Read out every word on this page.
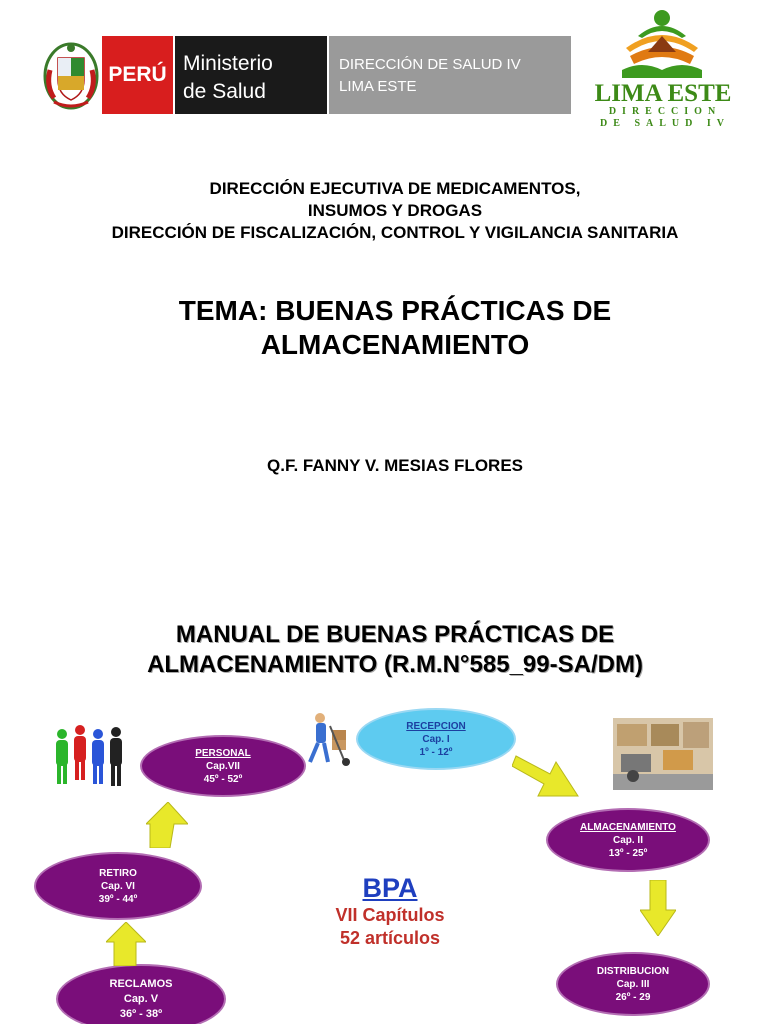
PERÚ Ministerio
de Salud
DIRECCIÓN DE SALUD IV
LIMA ESTE	LIMA ESTE
DIRECCION
DE SALUD IV
DIRECCIÓN EJECUTIVA DE MEDICAMENTOS,
INSUMOS Y DROGAS
DIRECCIÓN DE FISCALIZACIÓN, CONTROL Y VIGILANCIA SANITARIA
TEMA: BUENAS PRÁCTICAS DE
ALMACENAMIENTO
Q.F. FANNY V. MESIAS FLORES
MANUAL DE BUENAS PRÁCTICAS DE
ALMACENAMIENTO (R.M.N°585_99-SA/DM)
RECEPCION
Cap. I
1º - 12º
PERSONAL
Cap.VII
45º - 52º
ALMACENAMIENTO
Cap. II
13º - 25º
RETIRO
Cap. VI
39º - 44º
DISTRIBUCION
Cap. III
26º - 29
RECLAMOS
Cap. V
36º - 38º
BPA
VII Capítulos
52 artículos
